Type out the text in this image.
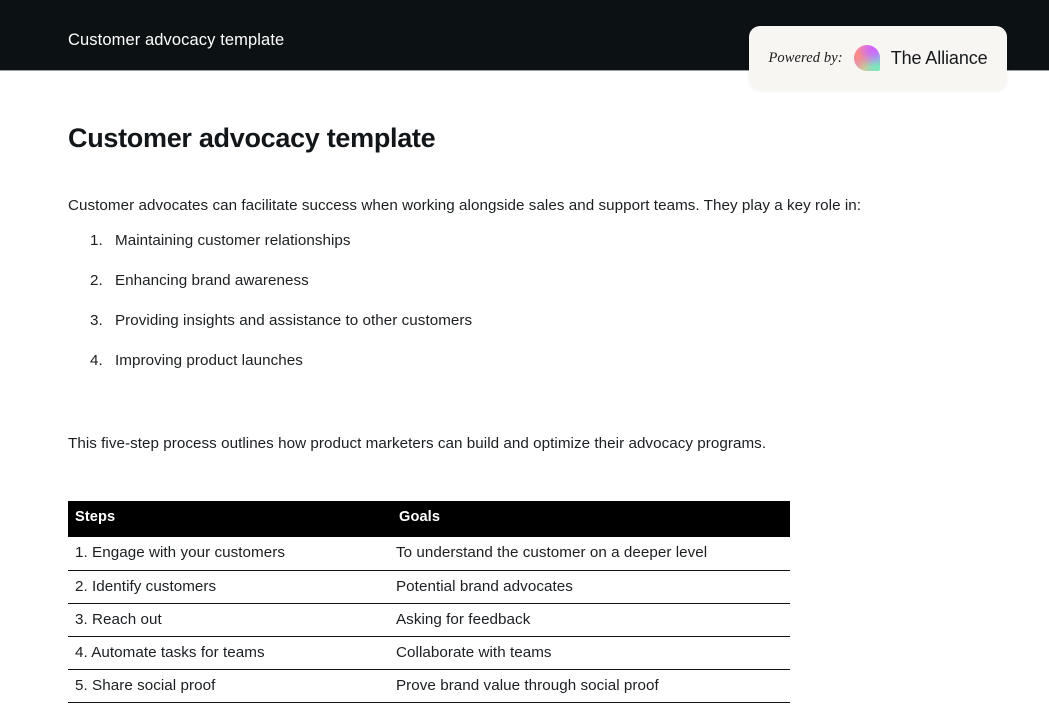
Customer advocacy template
Powered by:	The Alliance
Customer advocacy template

Customer advocates can facilitate success when working alongside sales and support teams. They play a key role in:

1. Maintaining customer relationships
2. Enhancing brand awareness
3. Providing insights and assistance to other customers
4. Improving product launches

This five-step process outlines how product marketers can build and optimize their advocacy programs.

Steps	Goals
1. Engage with your customers	To understand the customer on a deeper level
2. Identify customers	Potential brand advocates
3. Reach out	Asking for feedback
4. Automate tasks for teams	Collaborate with teams
5. Share social proof	Prove brand value through social proof
